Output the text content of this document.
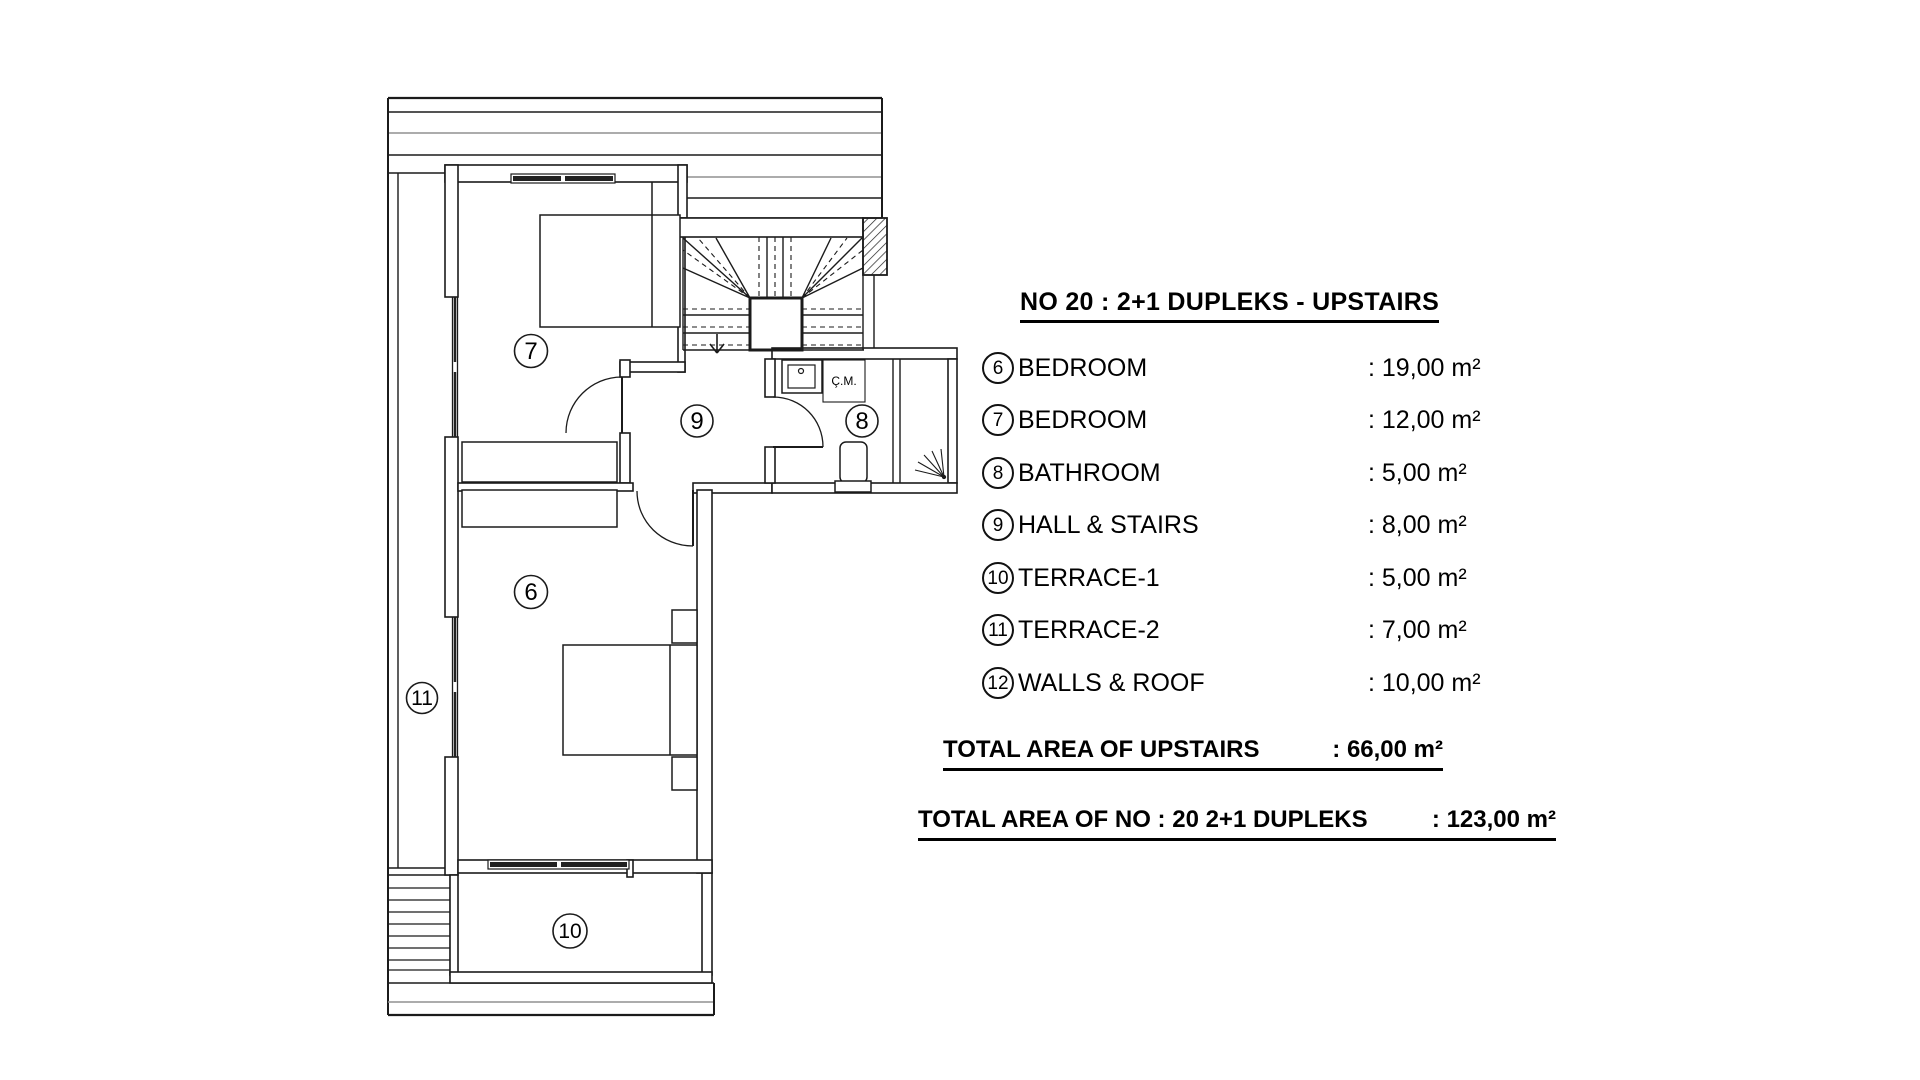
Ç.M.
7
9	8
6
11
10
NO 20 : 2+1 DUPLEKS - UPSTAIRS
6 BEDROOM	: 19,00 m²
7 BEDROOM	: 12,00 m²
8 BATHROOM	: 5,00 m²
9 HALL & STAIRS	: 8,00 m²
10 TERRACE-1	: 5,00 m²
11 TERRACE-2	: 7,00 m²
12 WALLS & ROOF	: 10,00 m²
TOTAL AREA OF UPSTAIRS	: 66,00 m²
TOTAL AREA OF NO : 20 2+1 DUPLEKS	: 123,00 m²
